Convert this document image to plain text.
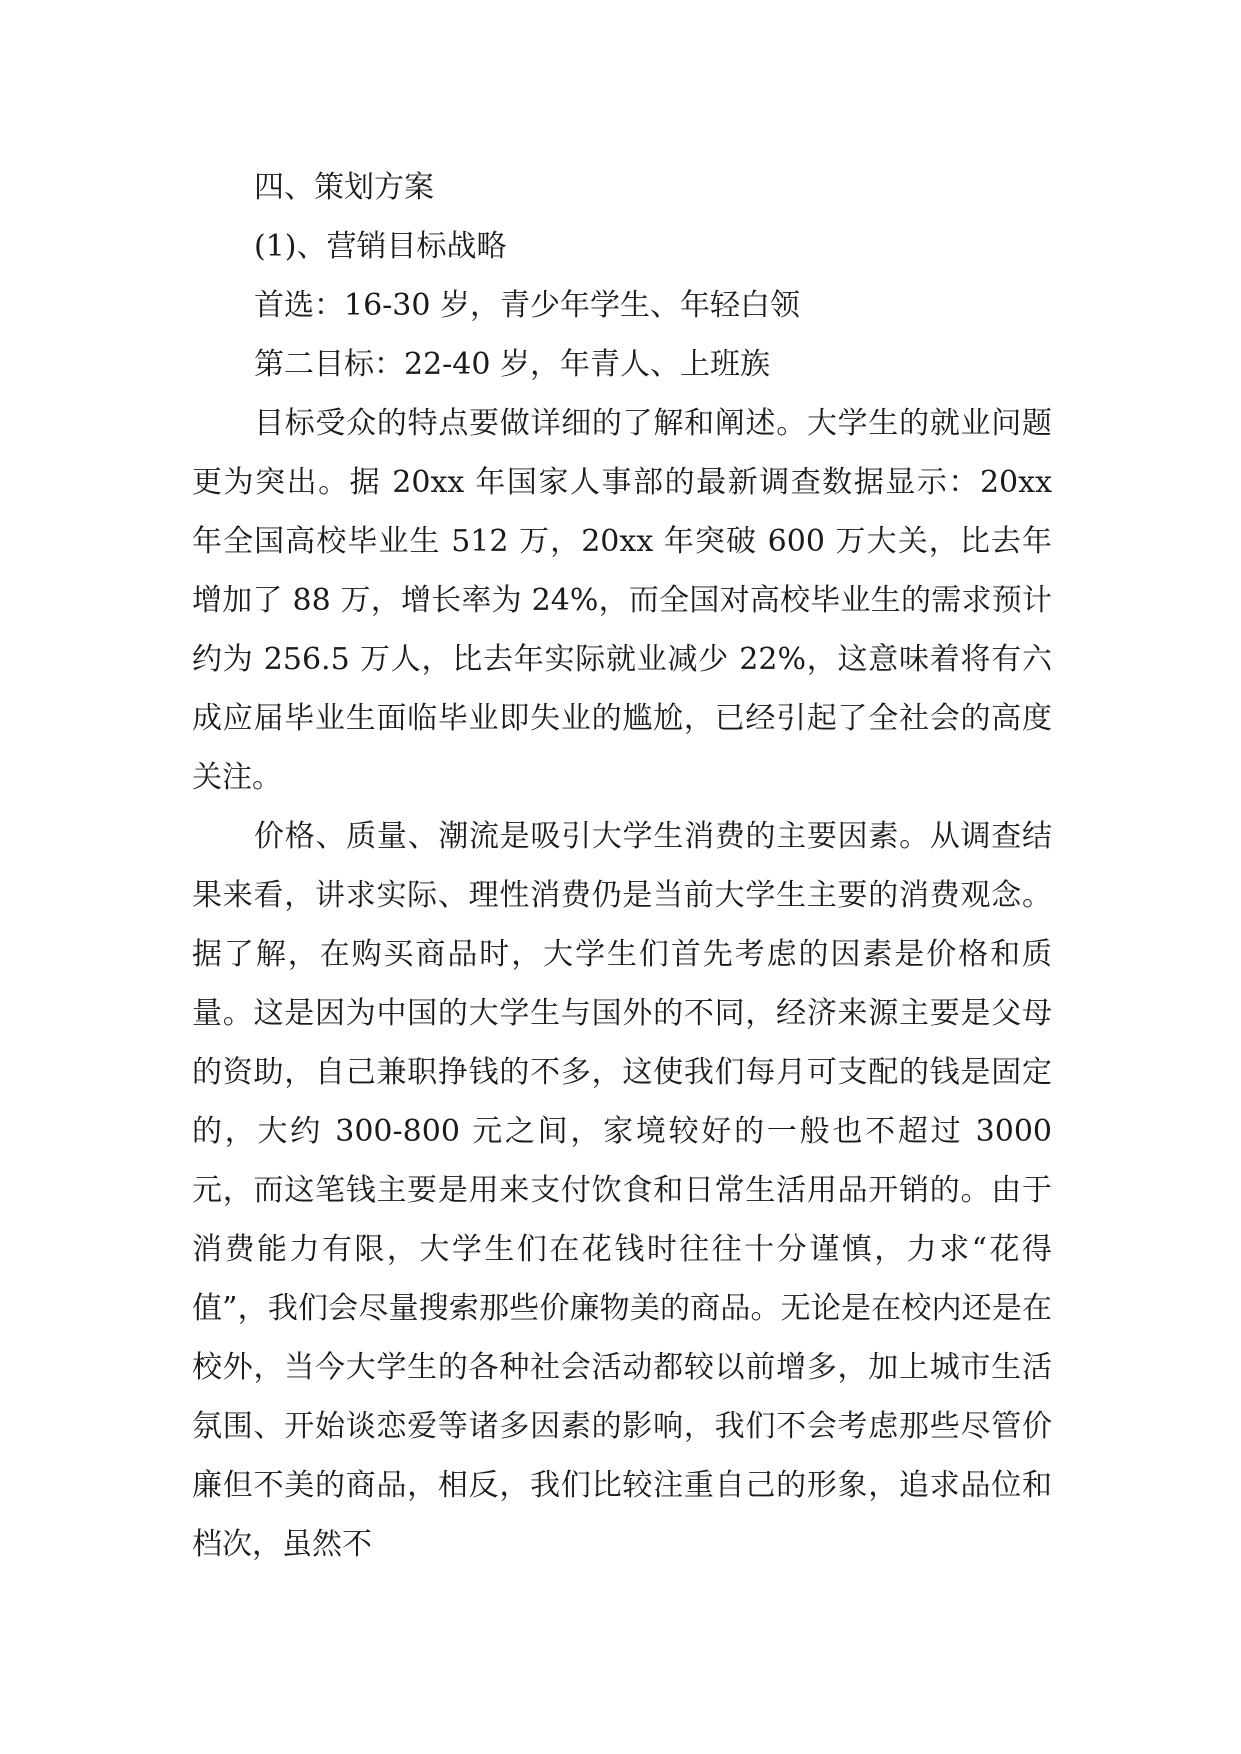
四、策划方案
(1)、营销目标战略
首选：16-30 岁，青少年学生、年轻白领
第二目标：22-40 岁，年青人、上班族

目标受众的特点要做详细的了解和阐述。大学生的就业问题更为突出。据 20xx 年国家人事部的最新调查数据显示：20xx 年全国高校毕业生 512 万，20xx 年突破 600 万大关，比去年增加了 88 万，增长率为 24%，而全国对高校毕业生的需求预计约为 256.5 万人，比去年实际就业减少 22%，这意味着将有六成应届毕业生面临毕业即失业的尴尬，已经引起了全社会的高度关注。

价格、质量、潮流是吸引大学生消费的主要因素。从调查结果来看，讲求实际、理性消费仍是当前大学生主要的消费观念。据了解，在购买商品时，大学生们首先考虑的因素是价格和质量。这是因为中国的大学生与国外的不同，经济来源主要是父母的资助，自己兼职挣钱的不多，这使我们每月可支配的钱是固定的，大约 300-800 元之间，家境较好的一般也不超过 3000 元，而这笔钱主要是用来支付饮食和日常生活用品开销的。由于消费能力有限，大学生们在花钱时往往十分谨慎，力求“花得值”，我们会尽量搜索那些价廉物美的商品。无论是在校内还是在校外，当今大学生的各种社会活动都较以前增多，加上城市生活氛围、开始谈恋爱等诸多因素的影响，我们不会考虑那些尽管价廉但不美的商品，相反，我们比较注重自己的形象，追求品位和档次，虽然不
